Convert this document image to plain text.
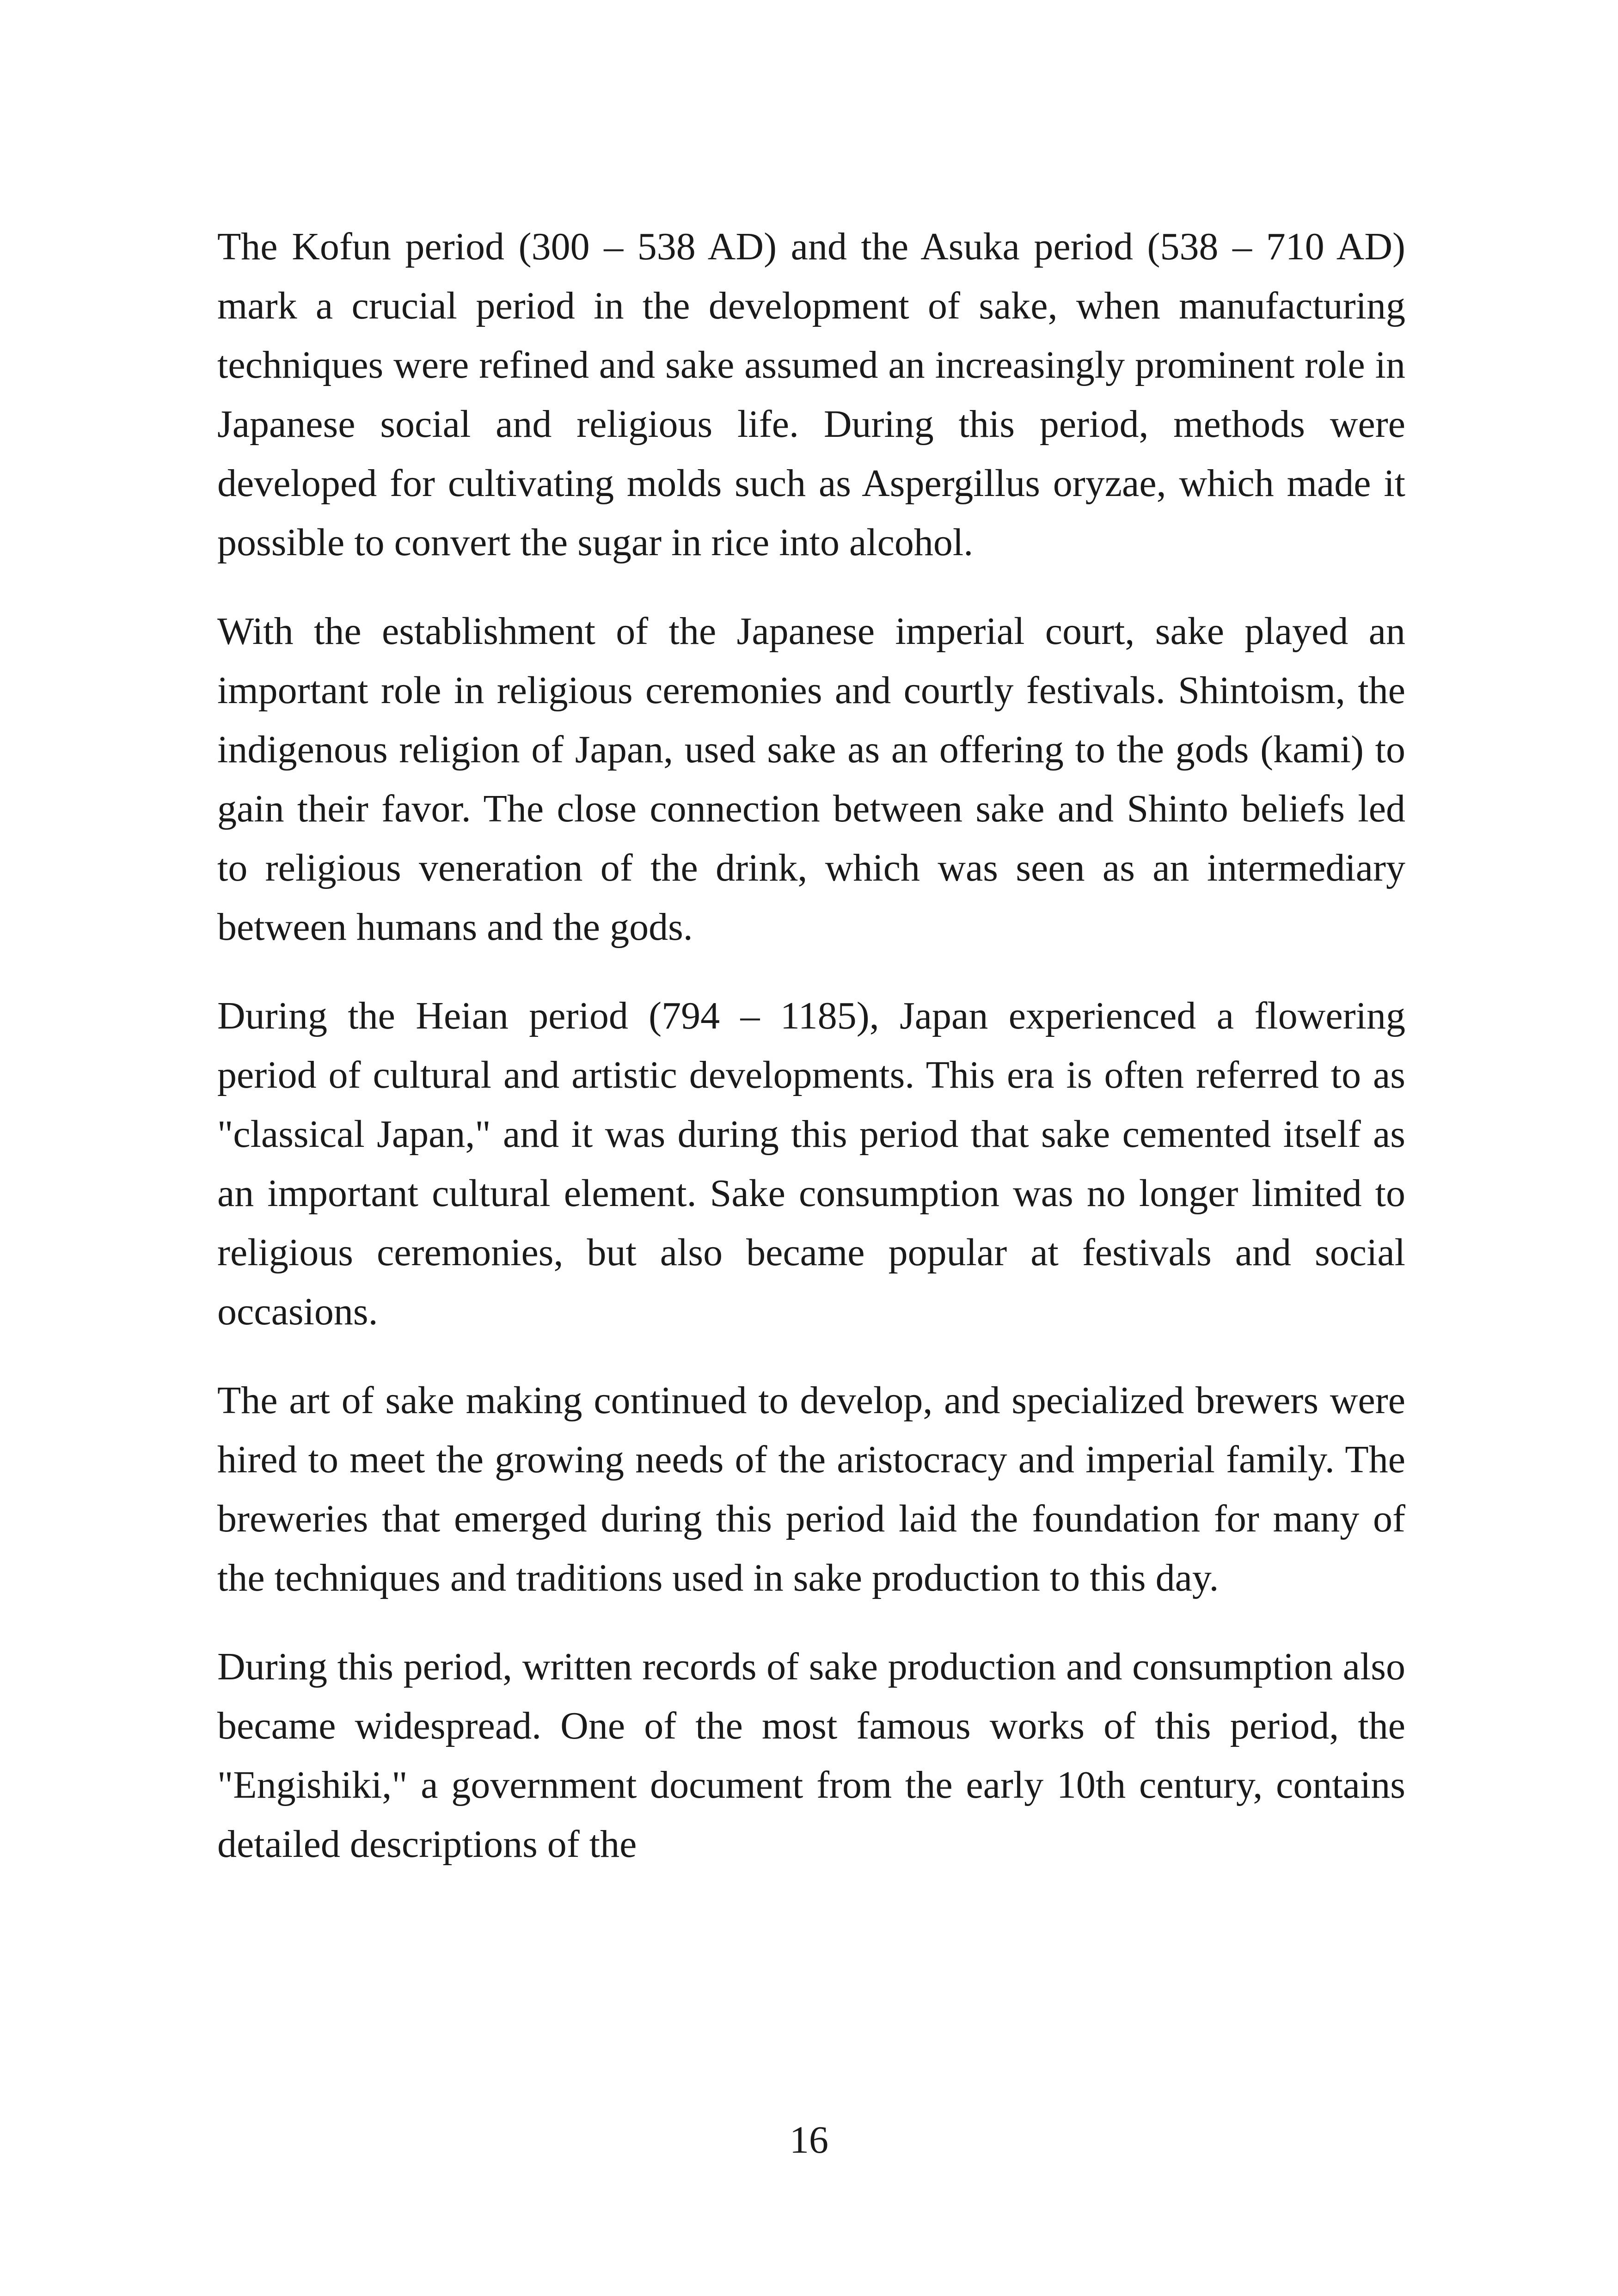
The Kofun period (300 – 538 AD) and the Asuka period (538 – 710 AD) mark a crucial period in the development of sake, when manufacturing techniques were refined and sake assumed an increasingly prominent role in Japanese social and religious life. During this period, methods were developed for cultivating molds such as Aspergillus oryzae, which made it possible to convert the sugar in rice into alcohol.

With the establishment of the Japanese imperial court, sake played an important role in religious ceremonies and courtly festivals. Shintoism, the indigenous religion of Japan, used sake as an offering to the gods (kami) to gain their favor. The close connection between sake and Shinto beliefs led to religious veneration of the drink, which was seen as an intermediary between humans and the gods.

During the Heian period (794 – 1185), Japan experienced a flowering period of cultural and artistic developments. This era is often referred to as "classical Japan," and it was during this period that sake cemented itself as an important cultural element. Sake consumption was no longer limited to religious ceremonies, but also became popular at festivals and social occasions.

The art of sake making continued to develop, and specialized brewers were hired to meet the growing needs of the aristocracy and imperial family. The breweries that emerged during this period laid the foundation for many of the techniques and traditions used in sake production to this day.

During this period, written records of sake production and consumption also became widespread. One of the most famous works of this period, the "Engishiki," a government document from the early 10th century, contains detailed descriptions of the

16
